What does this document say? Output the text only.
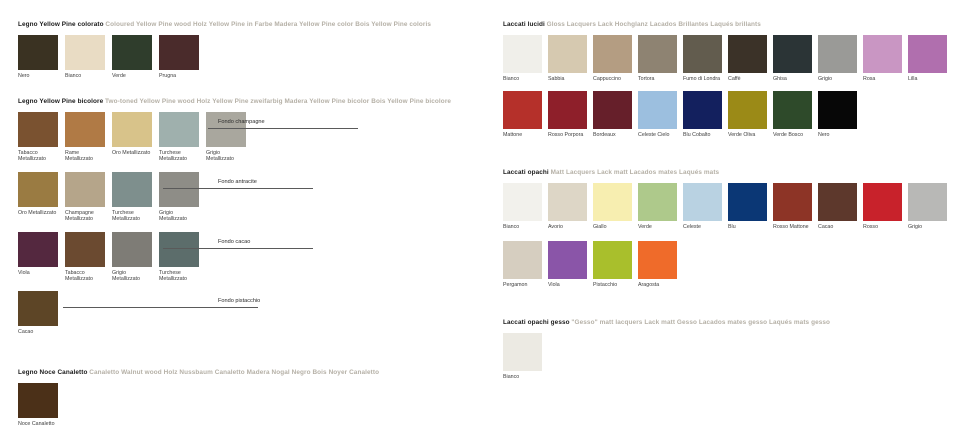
Legno Yellow Pine colorato Coloured Yellow Pine wood Holz Yellow Pine in Farbe Madera Yellow Pine color Bois Yellow Pine coloris
Nero	Bianco	Verde	Prugna
Legno Yellow Pine bicolore Two-toned Yellow Pine wood Holz Yellow Pine zweifarbig Madera Yellow Pine bicolor Bois Yellow Pine bicolore
Tabacco Metallizzato
Rame Metallizzato
Oro Metallizzato	Turchese Metallizzato
Grigio Metallizzato
Fondo champagne
Oro Metallizzato	Champagne Metallizzato
Turchese Metallizzato
Grigio Metallizzato
Fondo antracite
Viola	Tabacco Metallizzato
Grigio Metallizzato
Turchese Metallizzato
Fondo cacao
Cacao
Fondo pistacchio
Legno Noce Canaletto Canaletto Walnut wood Holz Nussbaum Canaletto Madera Nogal Negro Bois Noyer Canaletto
Noce Canaletto
Laccati lucidi Gloss Lacquers Lack Hochglanz Lacados Brillantes Laqués brillants
Bianco	Sabbia	Cappuccino	Tortora	Fumo di Londra	Caffè	Ghisa	Grigio	Rosa	Lilla
Mattone	Rosso Porpora	Bordeaux	Celeste Cielo	Blu Cobalto	Verde Oliva	Verde Bosco	Nero
Laccati opachi Matt Lacquers Lack matt Lacados mates Laqués mats
Bianco	Avorio	Giallo	Verde	Celeste	Blu	Rosso Mattone	Cacao	Rosso	Grigio
Pergamon	Viola	Pistacchio	Aragosta
Laccati opachi gesso "Gesso" matt lacquers Lack matt Gesso Lacados mates gesso Laqués mats gesso
Bianco
